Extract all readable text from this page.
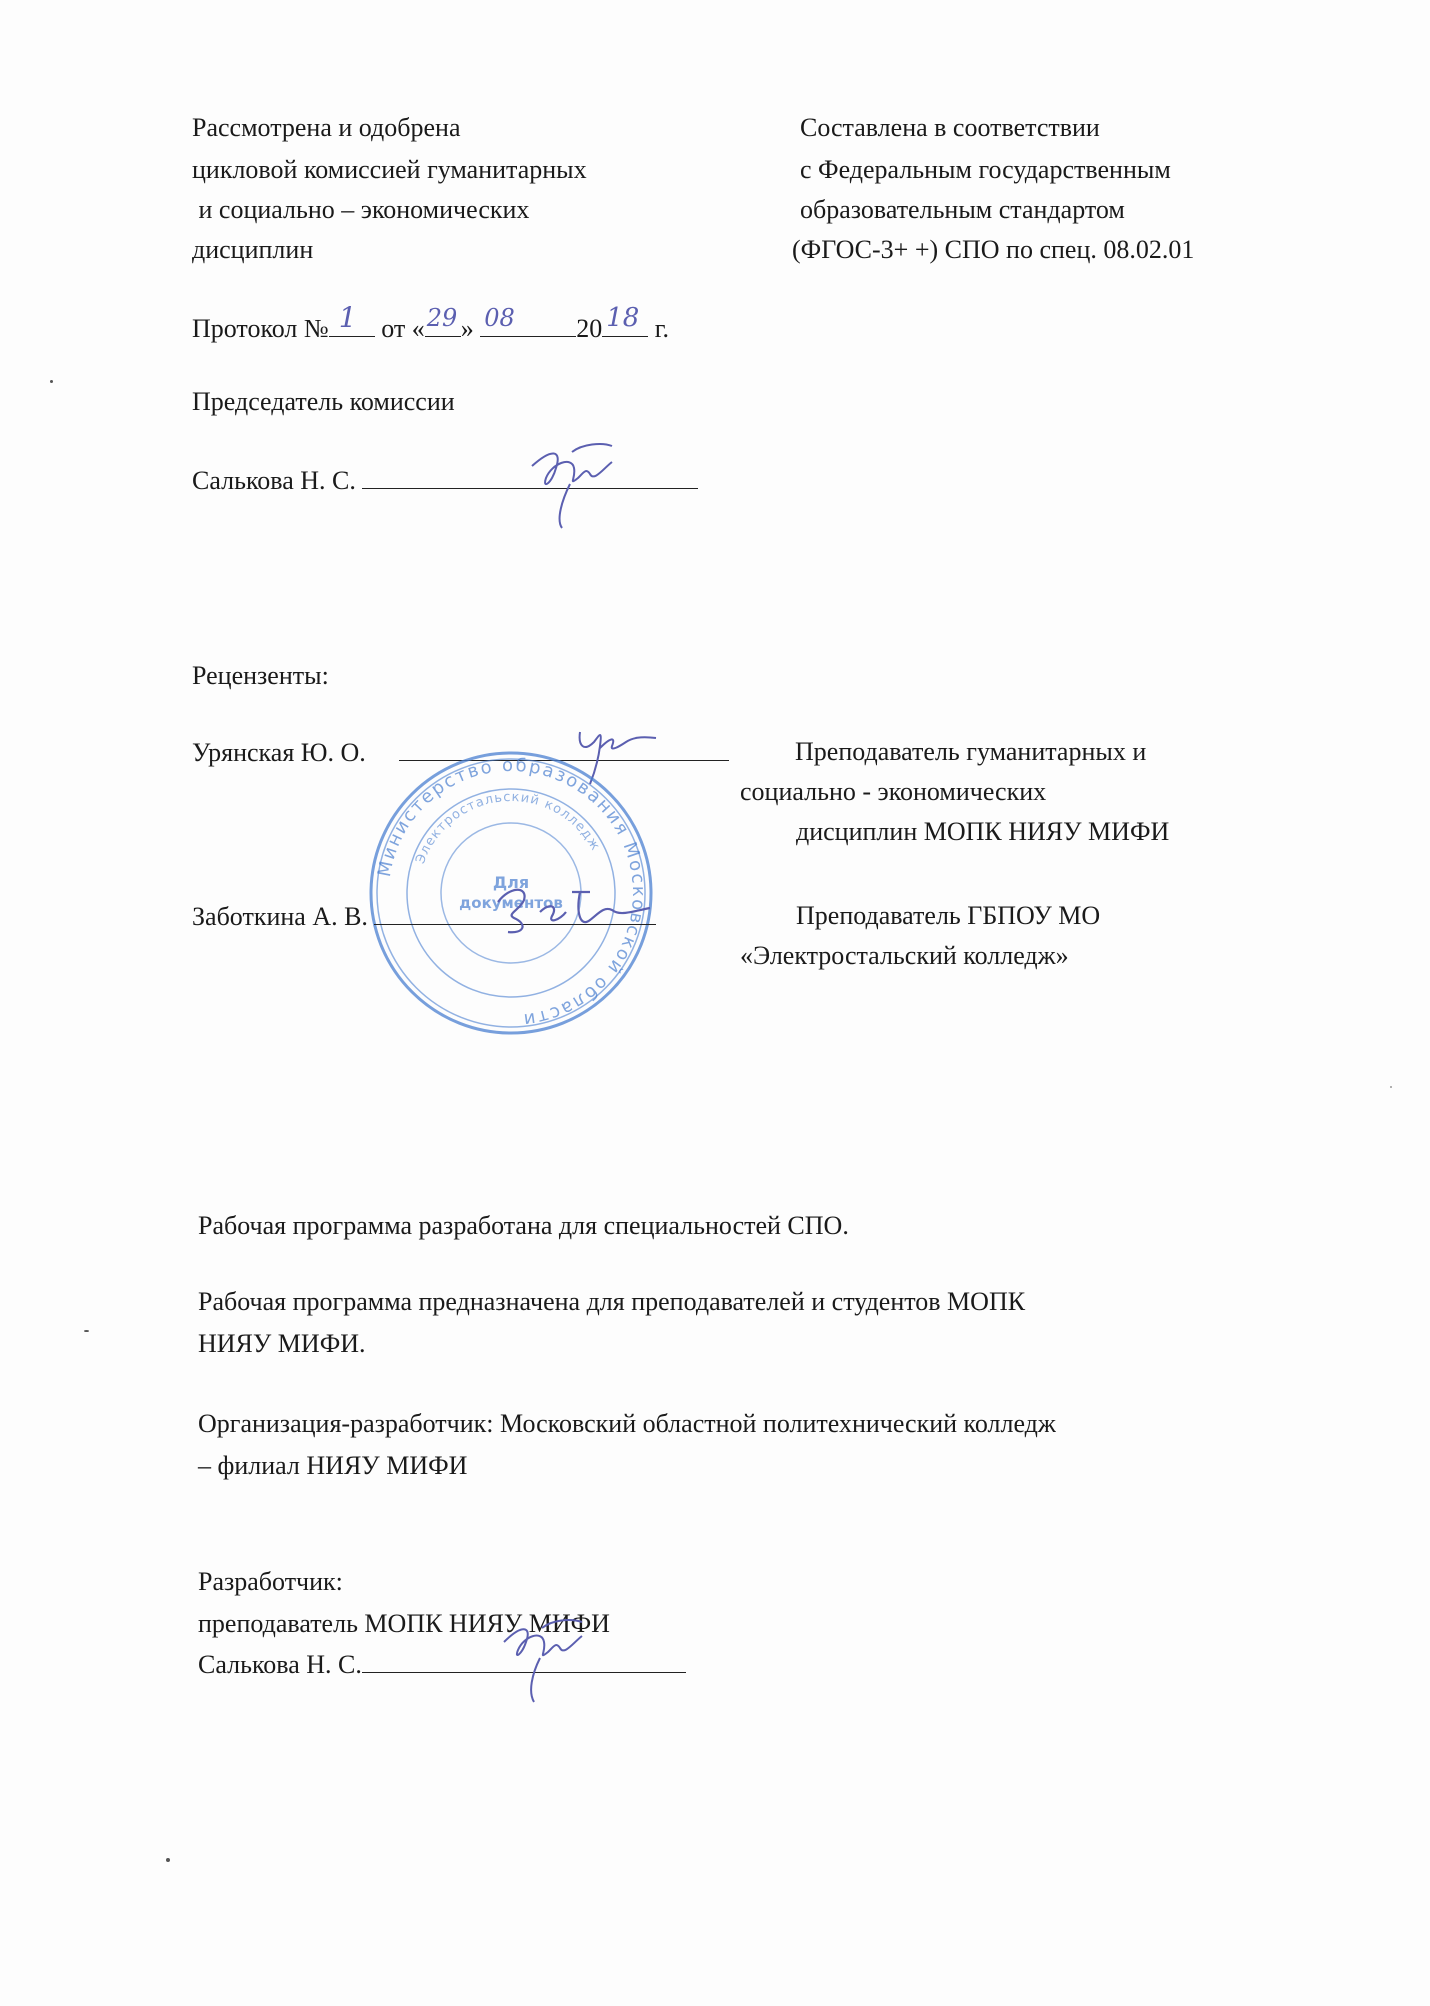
Рассмотрена и одобрена
цикловой комиссией гуманитарных
и социально – экономических
дисциплин
Составлена в соответствии
с Федеральным государственным
образовательным стандартом
(ФГОС-3+ +) СПО по спец. 08.02.01
Протокол № 1 от « 29 » 08 20 18 г.
Председатель комиссии
Салькова Н. С.
Рецензенты:
Урянская Ю. О.	Преподаватель гуманитарных и
социально - экономических
дисциплин МОПК НИЯУ МИФИ
Министерство образования Московской области
Электростальский колледж
Для
документов
Заботкина А. В.	Преподаватель ГБПОУ МО
«Электростальский колледж»
Рабочая программа разработана для специальностей СПО.
Рабочая программа предназначена для преподавателей и студентов МОПК
НИЯУ МИФИ.
Организация-разработчик: Московский областной политехнический колледж
– филиал НИЯУ МИФИ
Разработчик:
преподаватель МОПК НИЯУ МИФИ
Салькова Н. С.
